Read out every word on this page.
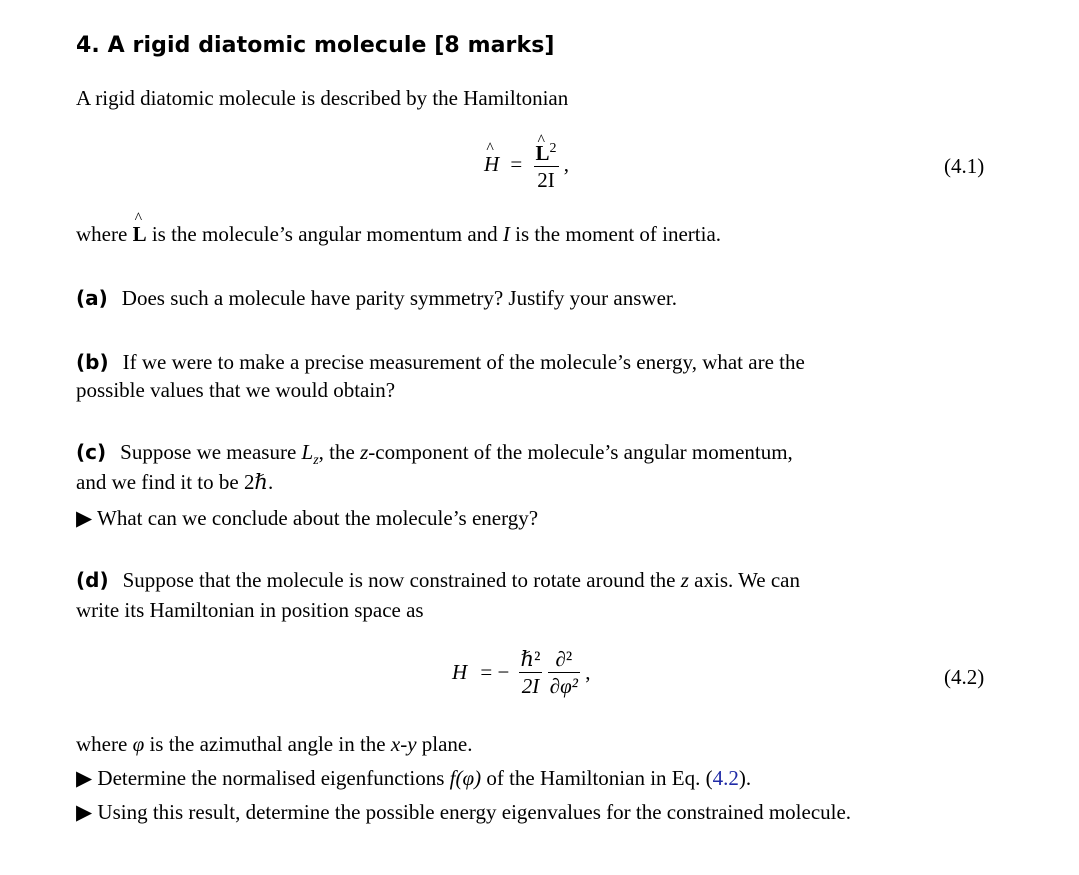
4. A rigid diatomic molecule [8 marks]
A rigid diatomic molecule is described by the Hamiltonian
^ H = ^ $\frac{L^2}{2I}$ ,	(4.1)
where ^ L is the molecule’s angular momentum and I is the moment of inertia.
(a) Does such a molecule have parity symmetry? Justify your answer.
(b) If we were to make a precise measurement of the molecule’s energy, what are the
possible values that we would obtain?
(c) Suppose we measure $L_z$, the z-component of the molecule’s angular momentum,
and we find it to be 2ℏ.
▶ What can we conclude about the molecule’s energy?
(d) Suppose that the molecule is now constrained to rotate around the z axis. We can
write its Hamiltonian in position space as
H = − $\frac{\text{ℏ²}}{2I}$
$\frac{\text{∂²}}{\text{∂φ²}}$ ,	(4.2)
where φ is the azimuthal angle in the x-y plane.
▶ Determine the normalised eigenfunctions f(φ) of the Hamiltonian in Eq. (4.2).
▶ Using this result, determine the possible energy eigenvalues for the constrained molecule.
